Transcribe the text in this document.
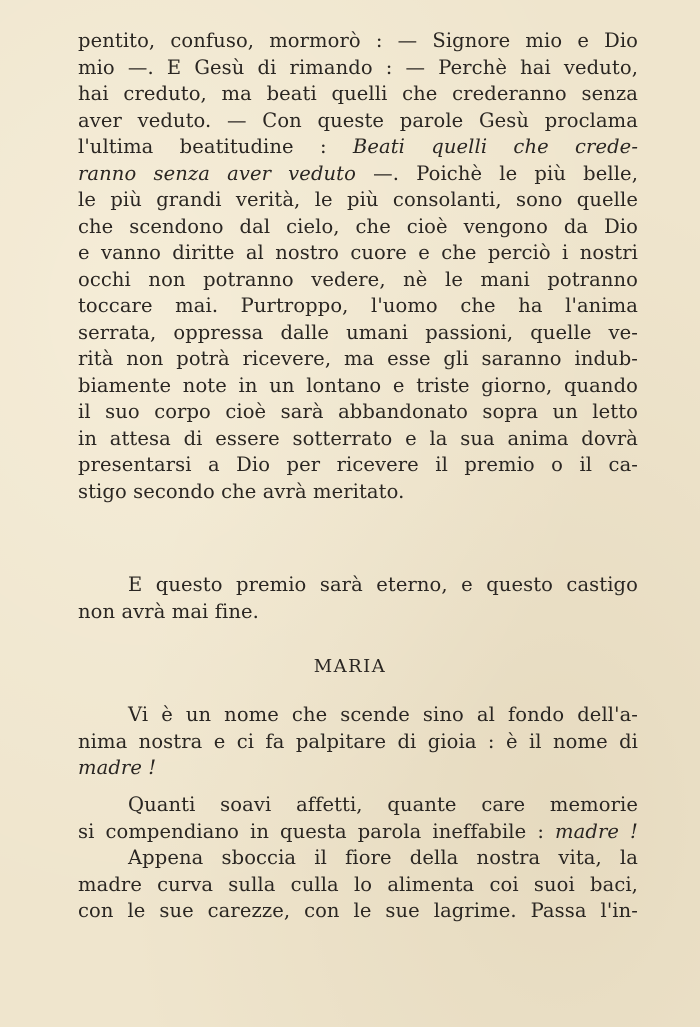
pentito, confuso, mormorò : — Signore mio e Dio
mio —. E Gesù di rimando : — Perchè hai veduto,
hai creduto, ma beati quelli che crederanno senza
aver veduto. — Con queste parole Gesù proclama
l'ultima beatitudine : Beati quelli che crede-
ranno senza aver veduto —. Poichè le più belle,
le più grandi verità, le più consolanti, sono quelle
che scendono dal cielo, che cioè vengono da Dio
e vanno diritte al nostro cuore e che perciò i nostri
occhi non potranno vedere, nè le mani potranno
toccare mai. Purtroppo, l'uomo che ha l'anima
serrata, oppressa dalle umani passioni, quelle ve-
rità non potrà ricevere, ma esse gli saranno indub-
biamente note in un lontano e triste giorno, quando
il suo corpo cioè sarà abbandonato sopra un letto
in attesa di essere sotterrato e la sua anima dovrà
presentarsi a Dio per ricevere il premio o il ca-
stigo secondo che avrà meritato.
E questo premio sarà eterno, e questo castigo
non avrà mai fine.
MARIA
Vi è un nome che scende sino al fondo dell'a-
nima nostra e ci fa palpitare di gioia : è il nome di
madre !
Quanti soavi affetti, quante care memorie
si compendiano in questa parola ineffabile : madre !
Appena sboccia il fiore della nostra vita, la
madre curva sulla culla lo alimenta coi suoi baci,
con le sue carezze, con le sue lagrime. Passa l'in-
